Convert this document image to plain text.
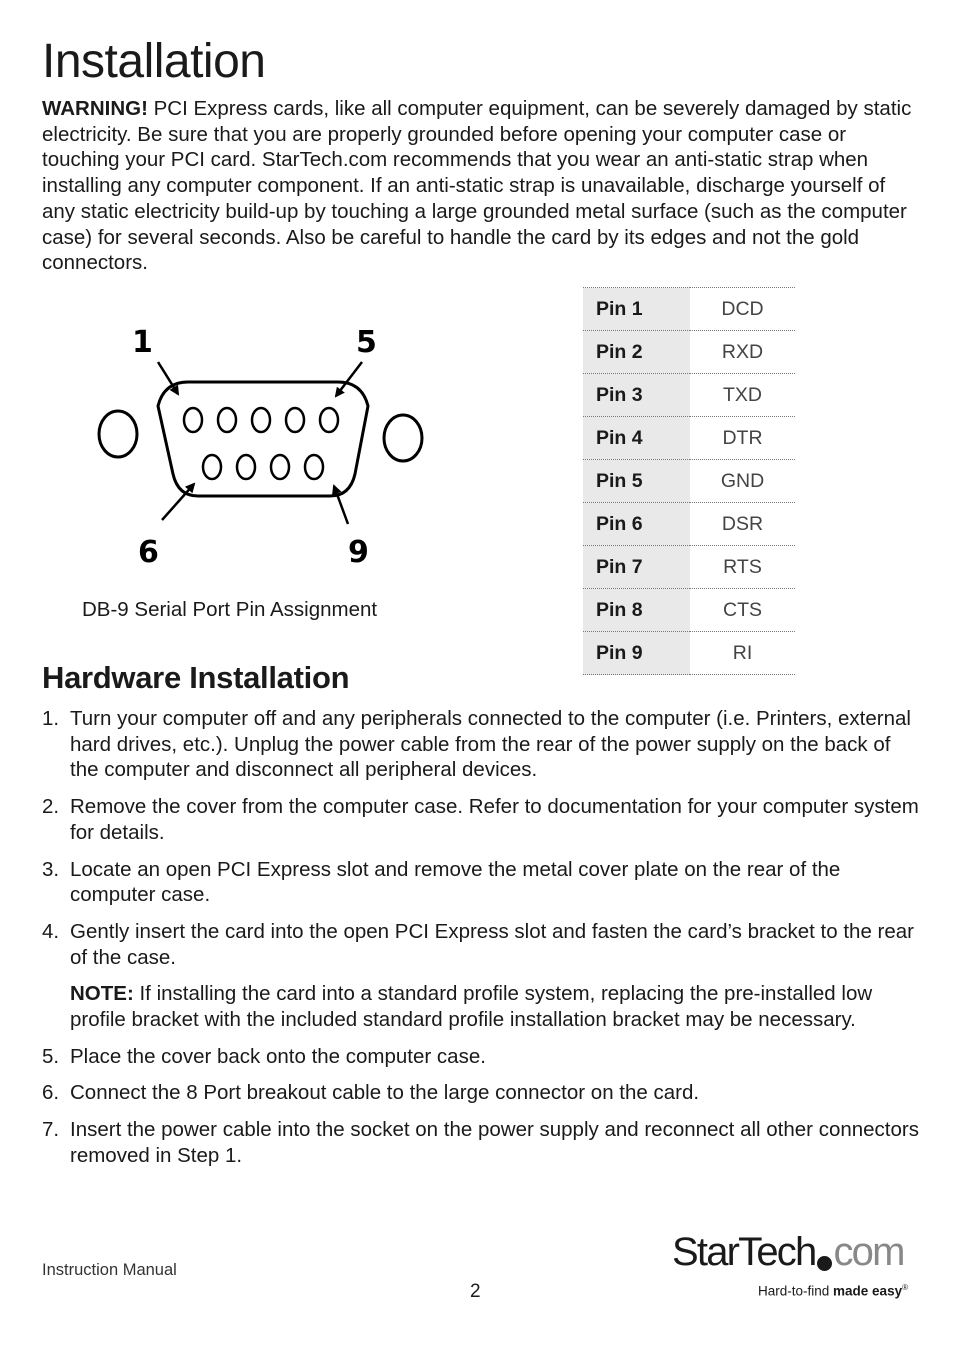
Installation

WARNING! PCI Express cards, like all computer equipment, can be severely damaged by static electricity. Be sure that you are properly grounded before opening your computer case or touching your PCI card. StarTech.com recommends that you wear an anti-static strap when installing any computer component. If an anti-static strap is unavailable, discharge yourself of any static electricity build-up by touching a large grounded metal surface (such as the computer case) for several seconds. Also be careful to handle the card by its edges and not the gold connectors.

1	5
6	9
DB-9 Serial Port Pin Assignment
Pin 1	DCD
Pin 2	RXD
Pin 3	TXD
Pin 4	DTR
Pin 5	GND
Pin 6	DSR
Pin 7	RTS
Pin 8	CTS
Pin 9	RI
Hardware Installation
1. Turn your computer off and any peripherals connected to the computer (i.e. Printers, external hard drives, etc.). Unplug the power cable from the rear of the power supply on the back of the computer and disconnect all peripheral devices.
2. Remove the cover from the computer case. Refer to documentation for your computer system for details.
3. Locate an open PCI Express slot and remove the metal cover plate on the rear of the computer case.
4. Gently insert the card into the open PCI Express slot and fasten the card’s bracket to the rear of the case.
NOTE: If installing the card into a standard profile system, replacing the pre-installed low profile bracket with the included standard profile installation bracket may be necessary.
5. Place the cover back onto the computer case.
6. Connect the 8 Port breakout cable to the large connector on the card.
7. Insert the power cable into the socket on the power supply and reconnect all other connectors removed in Step 1.
Instruction Manual
2
StarTech com
Hard-to-find made easy®
